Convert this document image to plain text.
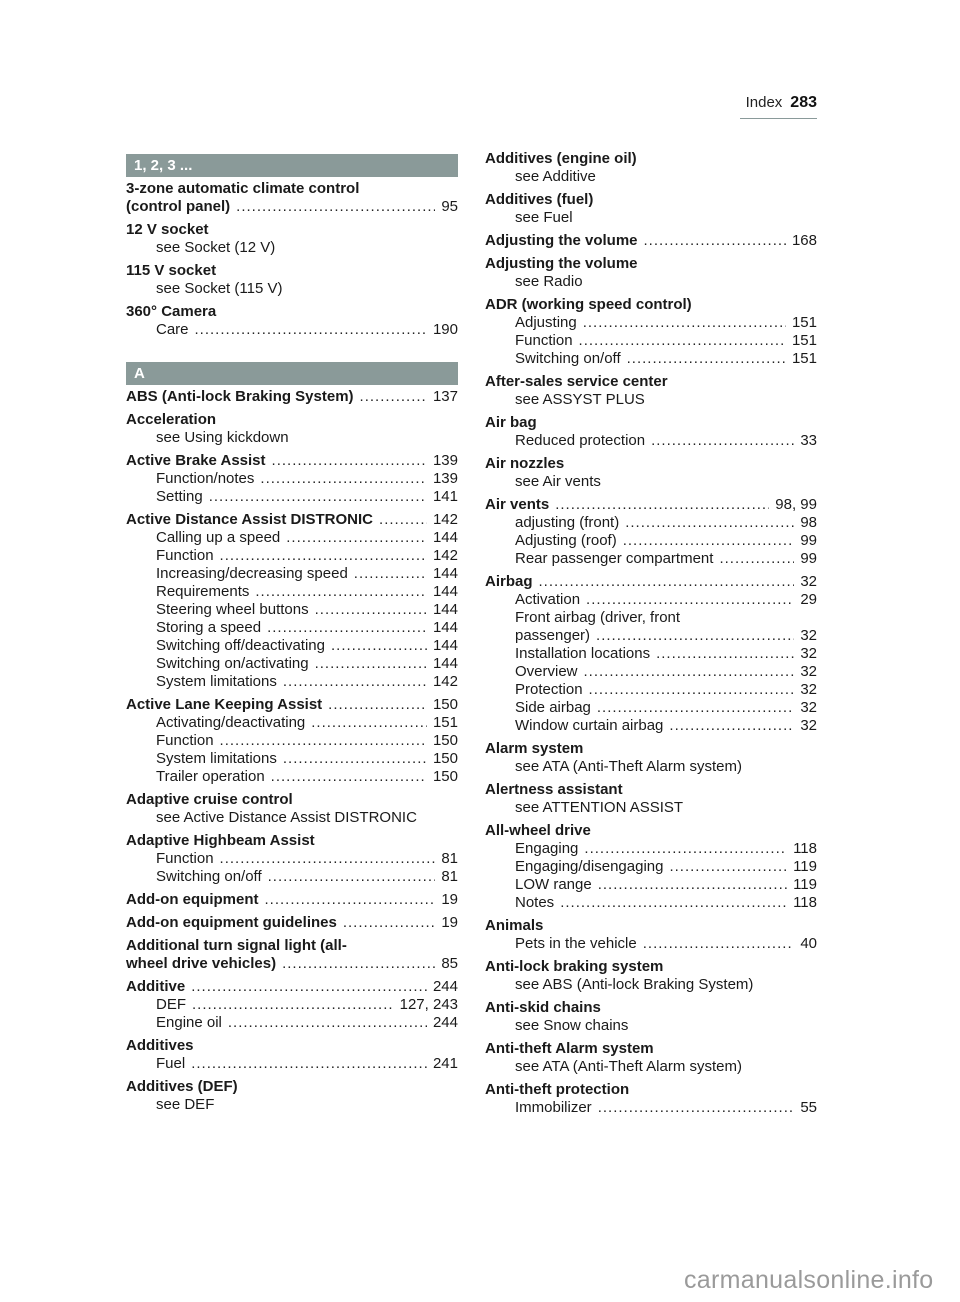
Index 283
1, 2, 3 ...
3-zone automatic climate control
(control panel) .....	95
12 V socket
see Socket (12 V)
115 V socket
see Socket (115 V)
360° Camera
Care .....	190
A
ABS (Anti-lock Braking System) .....	137
Acceleration
see Using kickdown
Active Brake Assist .....	139
Function/notes .....	139
Setting .....	141
Active Distance Assist DISTRONIC .....	142
Calling up a speed .....	144
Function .....	142
Increasing/decreasing speed .....	144
Requirements .....	144
Steering wheel buttons .....	144
Storing a speed .....	144
Switching off/deactivating .....	144
Switching on/activating .....	144
System limitations .....	142
Active Lane Keeping Assist .....	150
Activating/deactivating .....	151
Function .....	150
System limitations .....	150
Trailer operation .....	150
Adaptive cruise control
see Active Distance Assist DISTRONIC
Adaptive Highbeam Assist
Function .....	81
Switching on/off .....	81
Add-on equipment .....	19
Add-on equipment guidelines .....	19
Additional turn signal light (all-
wheel drive vehicles) .....	85
Additive .....	244
DEF .....	127, 243
Engine oil .....	244
Additives
Fuel .....	241
Additives (DEF)
see DEF
Additives (engine oil)
see Additive
Additives (fuel)
see Fuel
Adjusting the volume .....	168
Adjusting the volume
see Radio
ADR (working speed control)
Adjusting .....	151
Function .....	151
Switching on/off .....	151
After-sales service center
see ASSYST PLUS
Air bag
Reduced protection .....	33
Air nozzles
see Air vents
Air vents .....	98, 99
adjusting (front) .....	98
Adjusting (roof) .....	99
Rear passenger compartment .....	99
Airbag .....	32
Activation .....	29
Front airbag (driver, front
passenger) .....	32
Installation locations .....	32
Overview .....	32
Protection .....	32
Side airbag .....	32
Window curtain airbag .....	32
Alarm system
see ATA (Anti-Theft Alarm system)
Alertness assistant
see ATTENTION ASSIST
All-wheel drive
Engaging .....	118
Engaging/disengaging .....	119
LOW range .....	119
Notes .....	118
Animals
Pets in the vehicle .....	40
Anti-lock braking system
see ABS (Anti-lock Braking System)
Anti-skid chains
see Snow chains
Anti-theft Alarm system
see ATA (Anti-Theft Alarm system)
Anti-theft protection
Immobilizer .....	55
carmanualsonline.info
